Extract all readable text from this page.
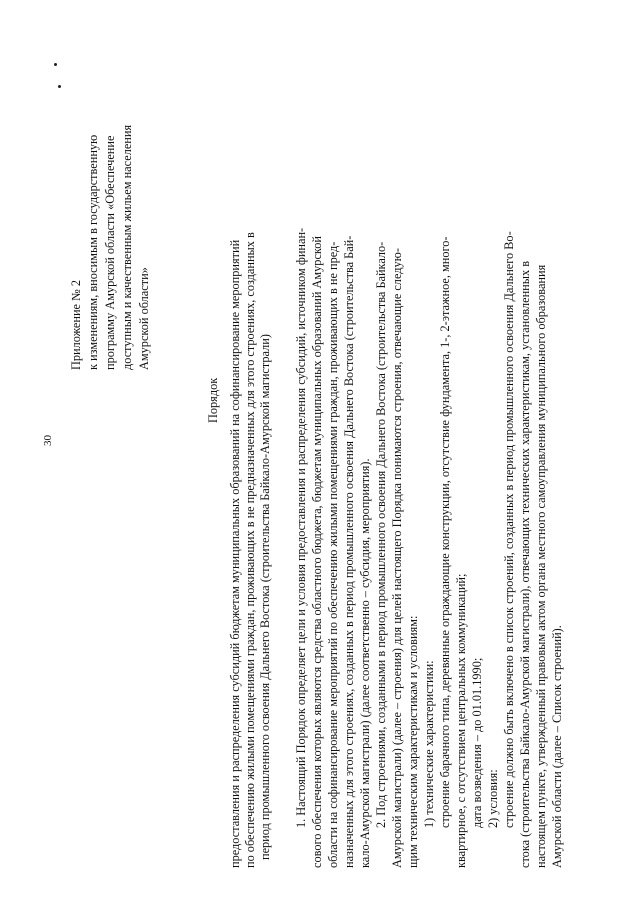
30
Приложение № 2 к изменениям, вносимым в государственную программу Амурской области «Обеспечение доступным и качественным жильем населения Амурской области»
Порядок предоставления и распределения субсидий бюджетам муниципальных образований на софинансирование мероприятий по обеспечению жилыми помещениями граждан, проживающих в не предназначенных для этого строениях, созданных в период промышленного освоения Дальнего Востока (строительства Байкало-Амурской магистрали) 1. Настоящий Порядок определяет цели и условия предоставления и распределения субсидий, источником финан- сового обеспечения которых являются средства областного бюджета, бюджетам муниципальных образований Амурской области на софинансирование мероприятий по обеспечению жилыми помещениями граждан, проживающих в не пред- назначенных для этого строениях, созданных в период промышленного освоения Дальнего Востока (строительства Бай- кало-Амурской магистрали) (далее соответственно – субсидия, мероприятия). 2. Под строениями, созданными в период промышленного освоения Дальнего Востока (строительства Байкало- Амурской магистрали) (далее – строения) для целей настоящего Порядка понимаются строения, отвечающие следую- щим техническим характеристикам и условиям: 1) технические характеристики: строение барачного типа, деревянные ограждающие конструкции, отсутствие фундамента, 1-, 2-этажное, много- квартирное, с отсутствием центральных коммуникаций; дата возведения – до 01.01.1990; 2) условия: строение должно быть включено в список строений, созданных в период промышленного освоения Дальнего Во- стока (строительства Байкало-Амурской магистрали), отвечающих технических характеристикам, установленных в настоящем пункте, утвержденный правовым актом органа местного самоуправления муниципального образования Амурской области (далее – Список строений).
